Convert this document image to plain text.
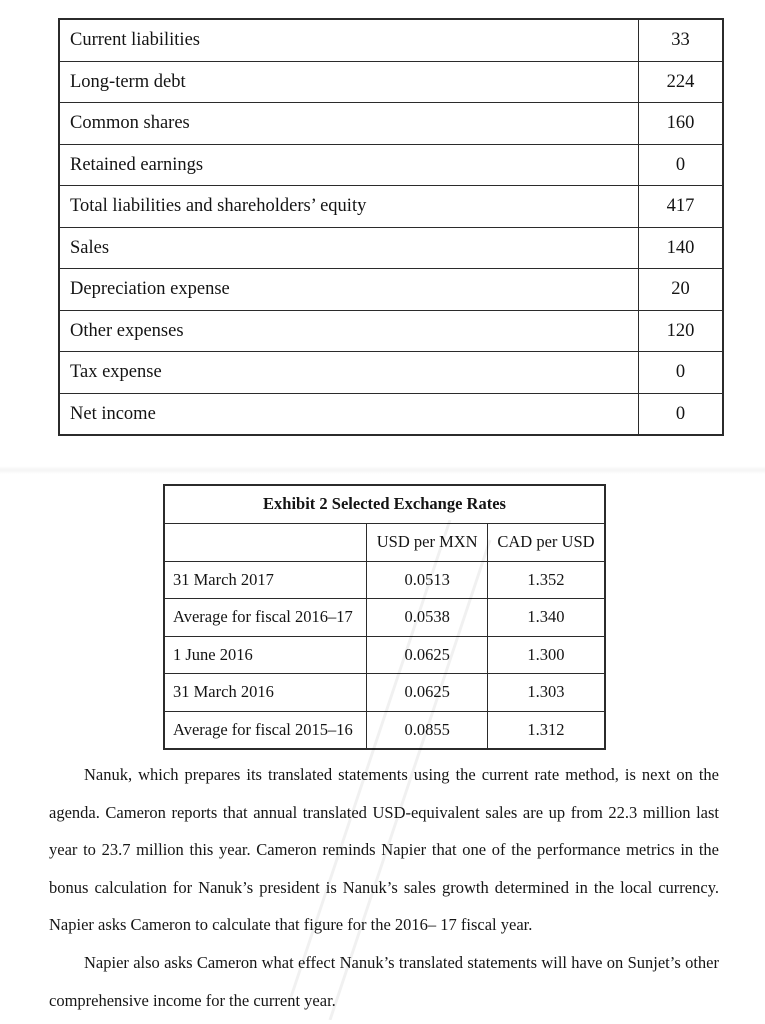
Current liabilities	33
Long-term debt	224
Common shares	160
Retained earnings	0
Total liabilities and shareholders’ equity	417
Sales	140
Depreciation expense	20
Other expenses	120
Tax expense	0
Net income	0
Exhibit 2 Selected Exchange Rates		
	USD per MXN	CAD per USD
31 March 2017	0.0513	1.352
Average for fiscal 2016–17	0.0538	1.340
1 June 2016	0.0625	1.300
31 March 2016	0.0625	1.303
Average for fiscal 2015–16	0.0855	1.312

Nanuk, which prepares its translated statements using the current rate method, is next on the agenda. Cameron reports that annual translated USD-equivalent sales are up from 22.3 million last year to 23.7 million this year. Cameron reminds Napier that one of the performance metrics in the bonus calculation for Nanuk’s president is Nanuk’s sales growth determined in the local currency. Napier asks Cameron to calculate that figure for the 2016– 17 fiscal year.

Napier also asks Cameron what effect Nanuk’s translated statements will have on Sunjet’s other comprehensive income for the current year.
